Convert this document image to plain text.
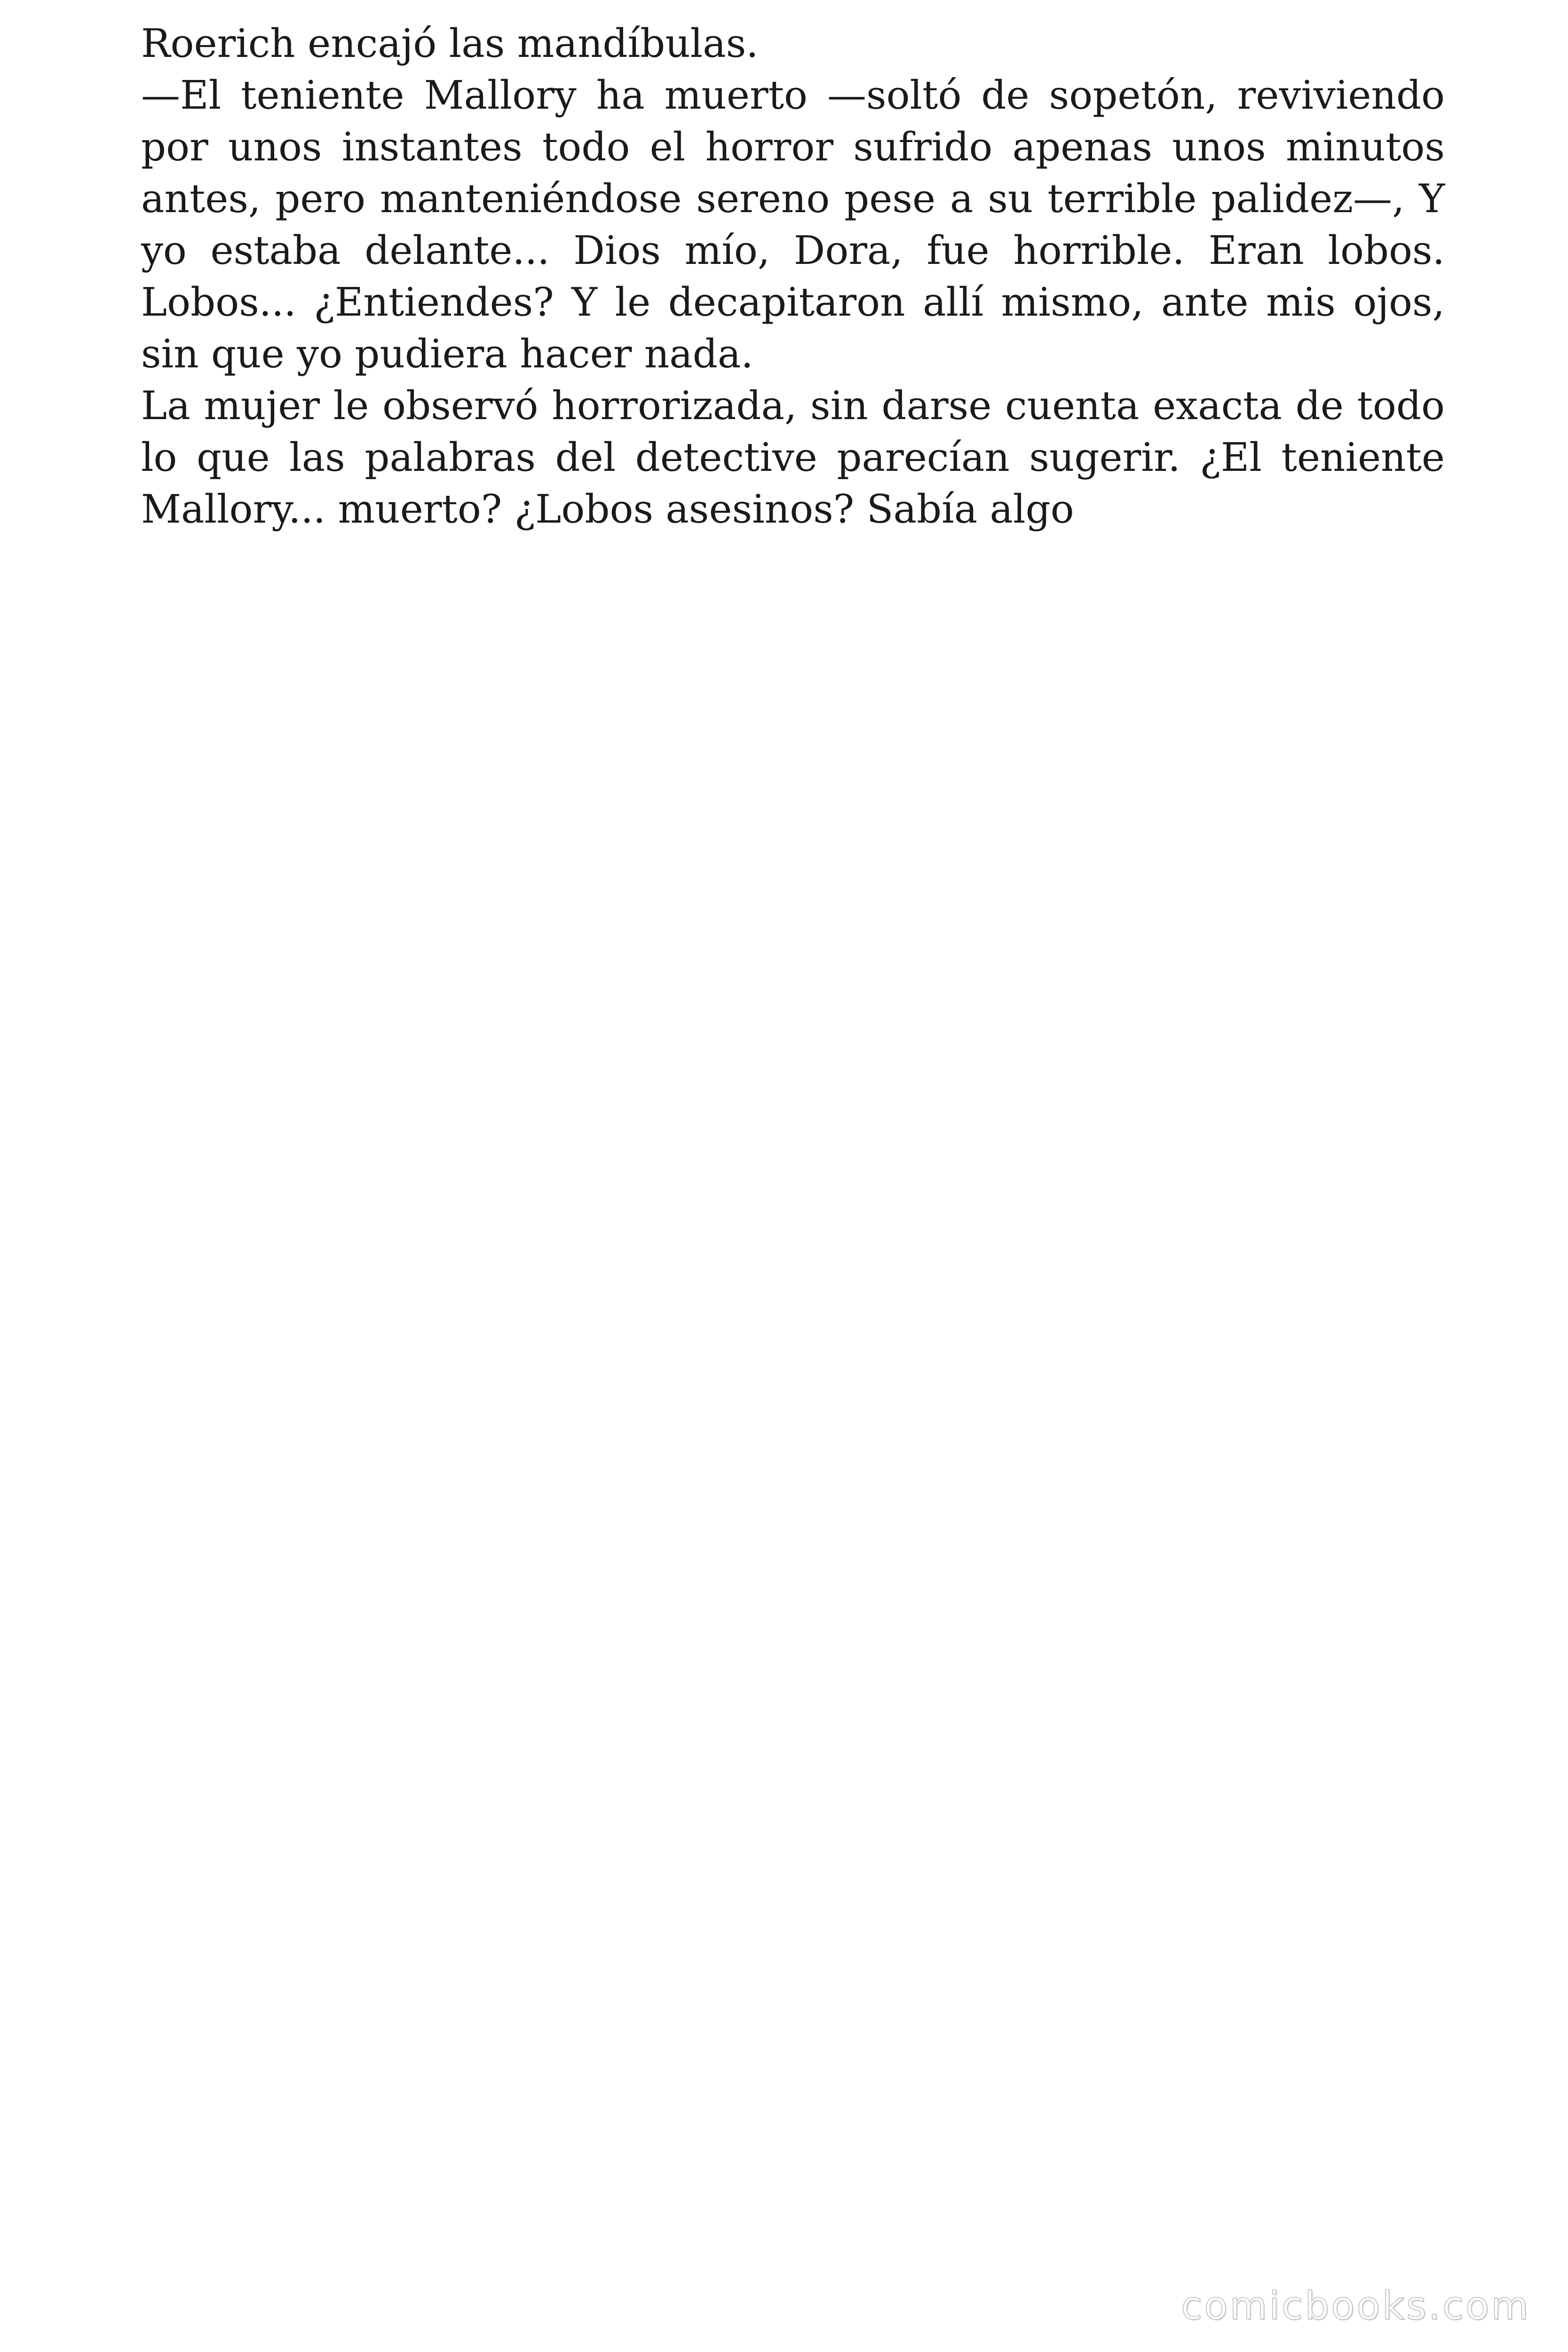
Roerich encajó las mandíbulas.

—El teniente Mallory ha muerto —soltó de sopetón, reviviendo por unos instantes todo el horror sufrido apenas unos minutos antes, pero manteniéndose sereno pese a su terrible palidez—, Y yo estaba delante... Dios mío, Dora, fue horrible. Eran lobos. Lobos... ¿Entiendes? Y le decapitaron allí mismo, ante mis ojos, sin que yo pudiera hacer nada.

La mujer le observó horrorizada, sin darse cuenta exacta de todo lo que las palabras del detective parecían sugerir. ¿El teniente Mallory... muerto? ¿Lobos asesinos? Sabía algo

comicbooks.com
